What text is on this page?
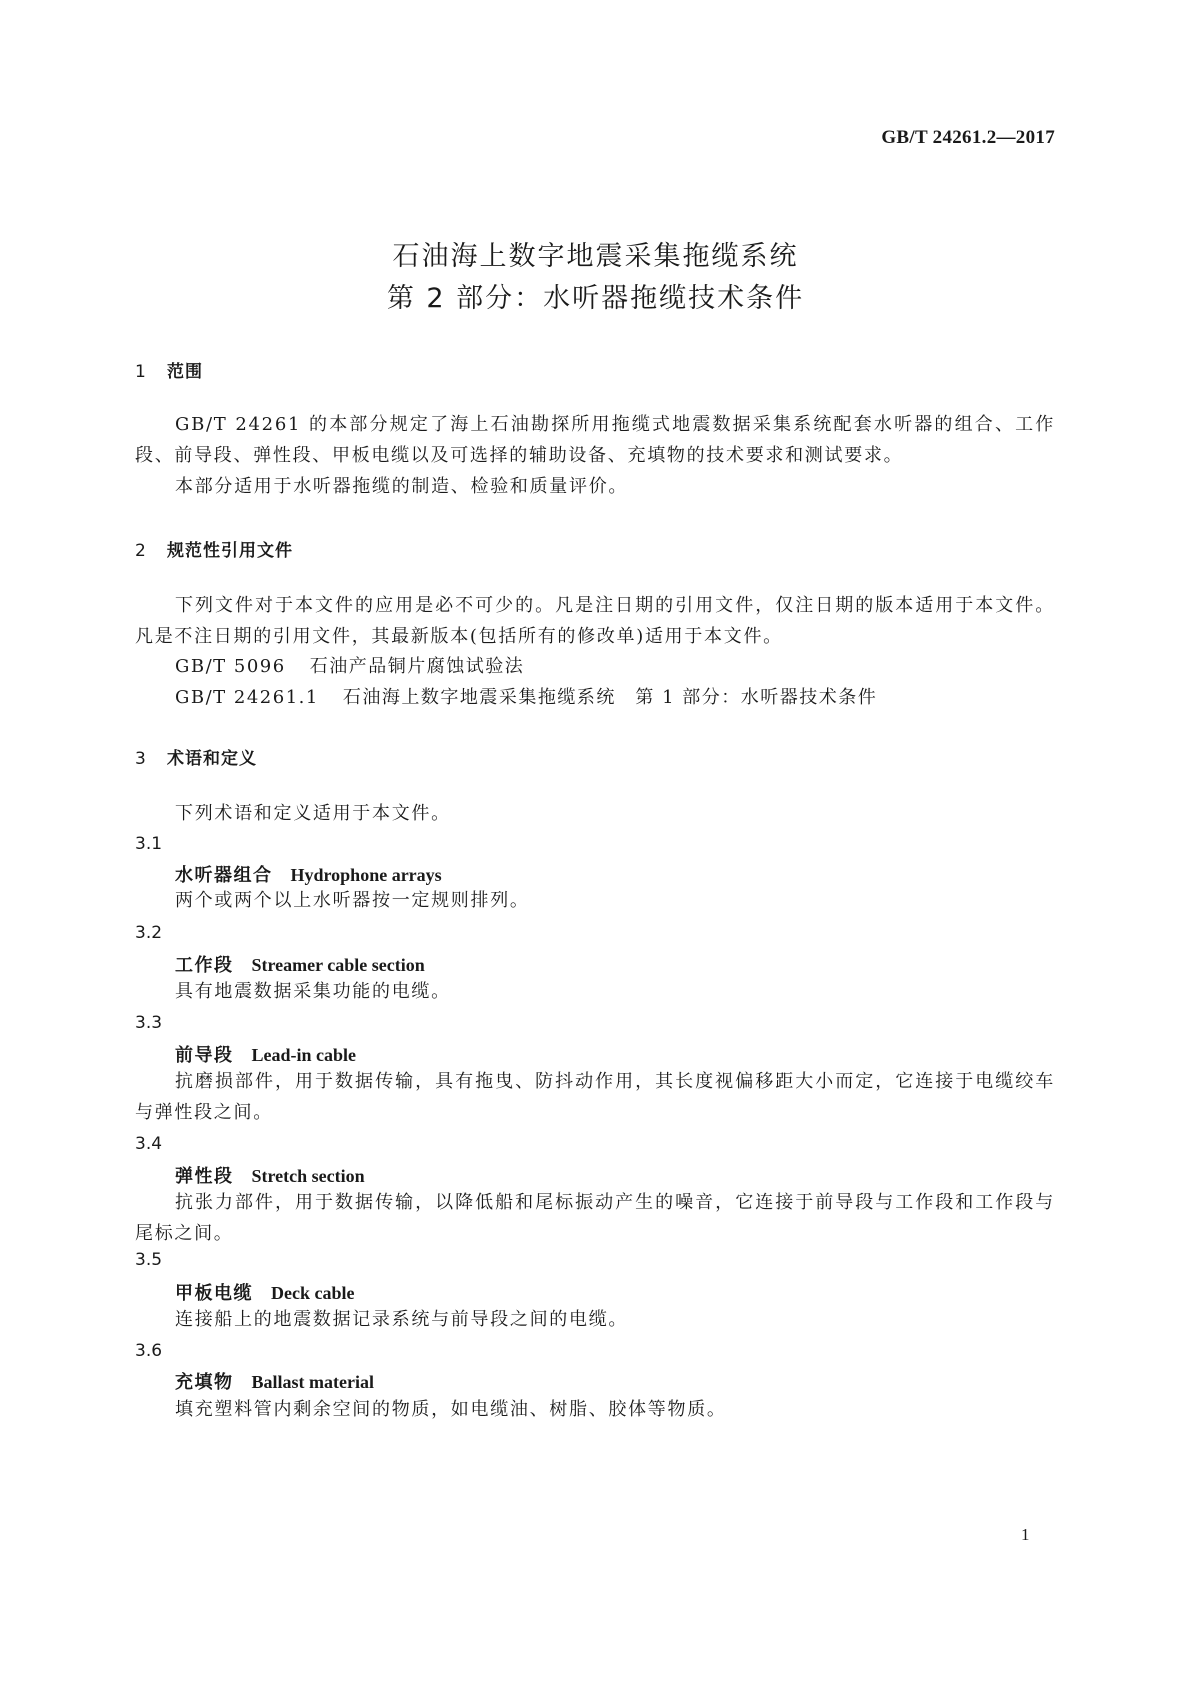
GB/T 24261.2—2017
石油海上数字地震采集拖缆系统
第 2 部分：水听器拖缆技术条件
1 范围
GB/T 24261 的本部分规定了海上石油勘探所用拖缆式地震数据采集系统配套水听器的组合、工作段、前导段、弹性段、甲板电缆以及可选择的辅助设备、充填物的技术要求和测试要求。
本部分适用于水听器拖缆的制造、检验和质量评价。
2 规范性引用文件
下列文件对于本文件的应用是必不可少的。凡是注日期的引用文件，仅注日期的版本适用于本文件。凡是不注日期的引用文件，其最新版本(包括所有的修改单)适用于本文件。
GB/T 5096 石油产品铜片腐蚀试验法
GB/T 24261.1 石油海上数字地震采集拖缆系统　第 1 部分：水听器技术条件
3 术语和定义
下列术语和定义适用于本文件。
3.1
水听器组合 Hydrophone arrays
两个或两个以上水听器按一定规则排列。
3.2
工作段 Streamer cable section
具有地震数据采集功能的电缆。
3.3
前导段 Lead-in cable
抗磨损部件，用于数据传输，具有拖曳、防抖动作用，其长度视偏移距大小而定，它连接于电缆绞车与弹性段之间。
3.4
弹性段 Stretch section
抗张力部件，用于数据传输，以降低船和尾标振动产生的噪音，它连接于前导段与工作段和工作段与尾标之间。
3.5
甲板电缆 Deck cable
连接船上的地震数据记录系统与前导段之间的电缆。
3.6
充填物 Ballast material
填充塑料管内剩余空间的物质，如电缆油、树脂、胶体等物质。
1
